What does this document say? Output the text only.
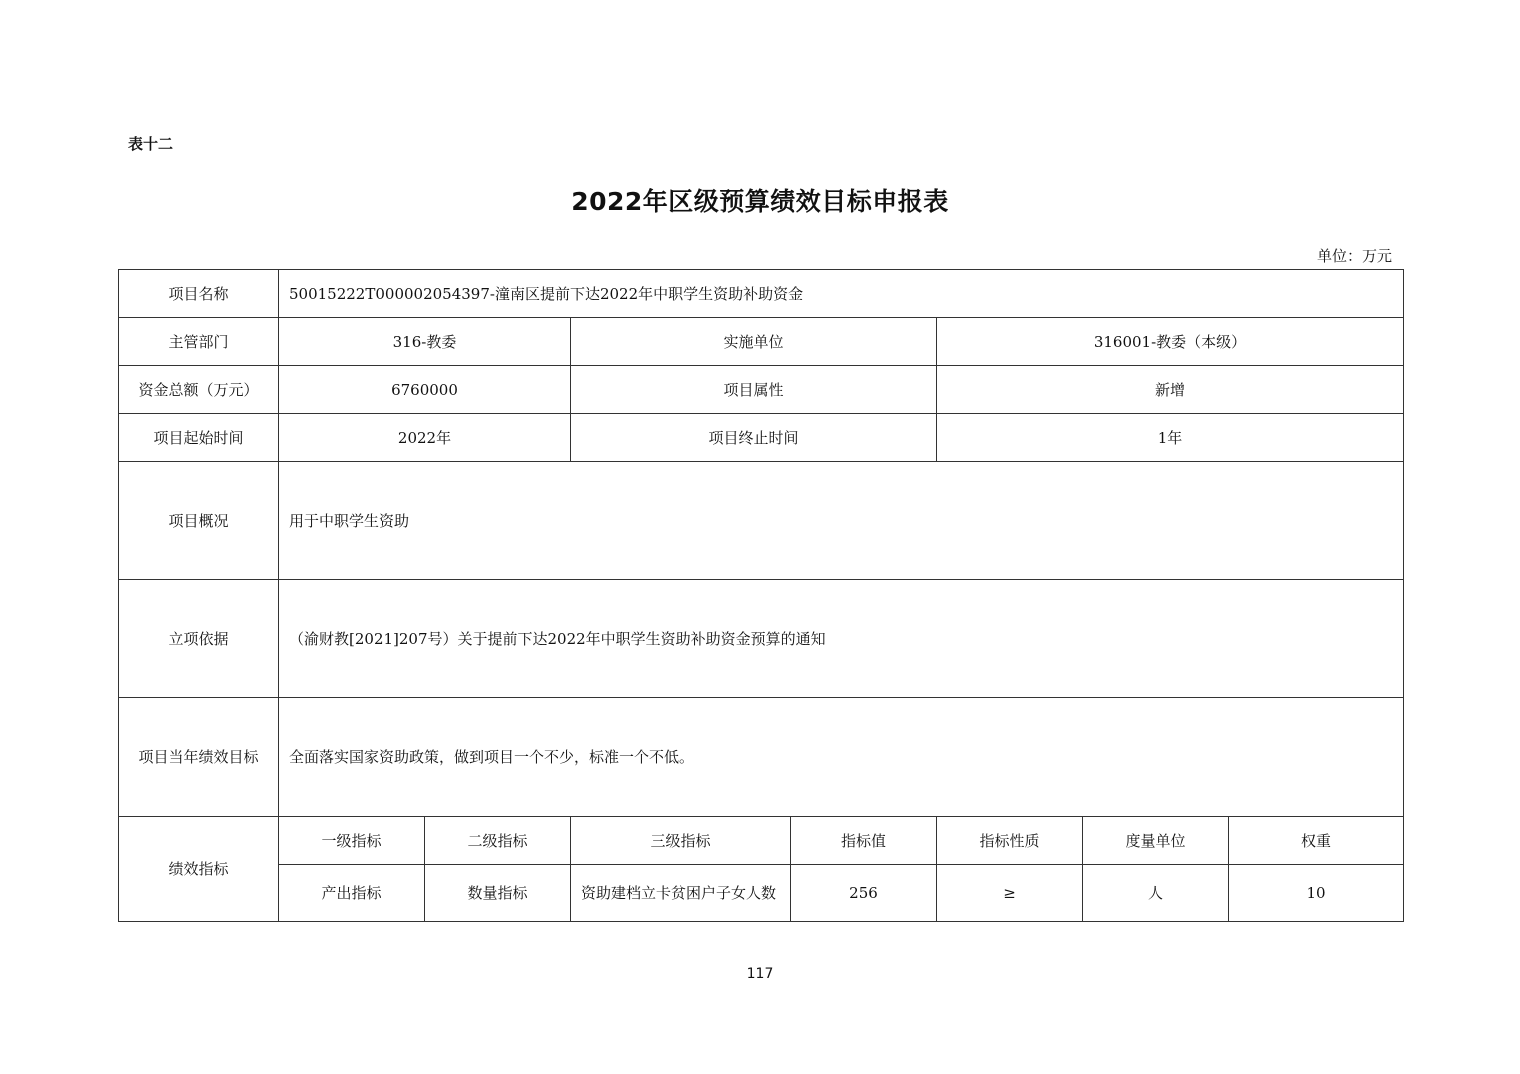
表十二
2022年区级预算绩效目标申报表
单位：万元
项目名称	50015222T000002054397-潼南区提前下达2022年中职学生资助补助资金						
主管部门	316-教委		实施单位		316001-教委（本级）		
资金总额（万元）	6760000		项目属性		新增		
项目起始时间	2022年		项目终止时间		1年		
项目概况	用于中职学生资助						
立项依据	（渝财教[2021]207号）关于提前下达2022年中职学生资助补助资金预算的通知						
项目当年绩效目标	全面落实国家资助政策，做到项目一个不少，标准一个不低。						
绩效指标	一级指标	二级指标	三级指标	指标值	指标性质	度量单位	权重
	产出指标	数量指标	资助建档立卡贫困户子女人数	256	≥	人	10
117
